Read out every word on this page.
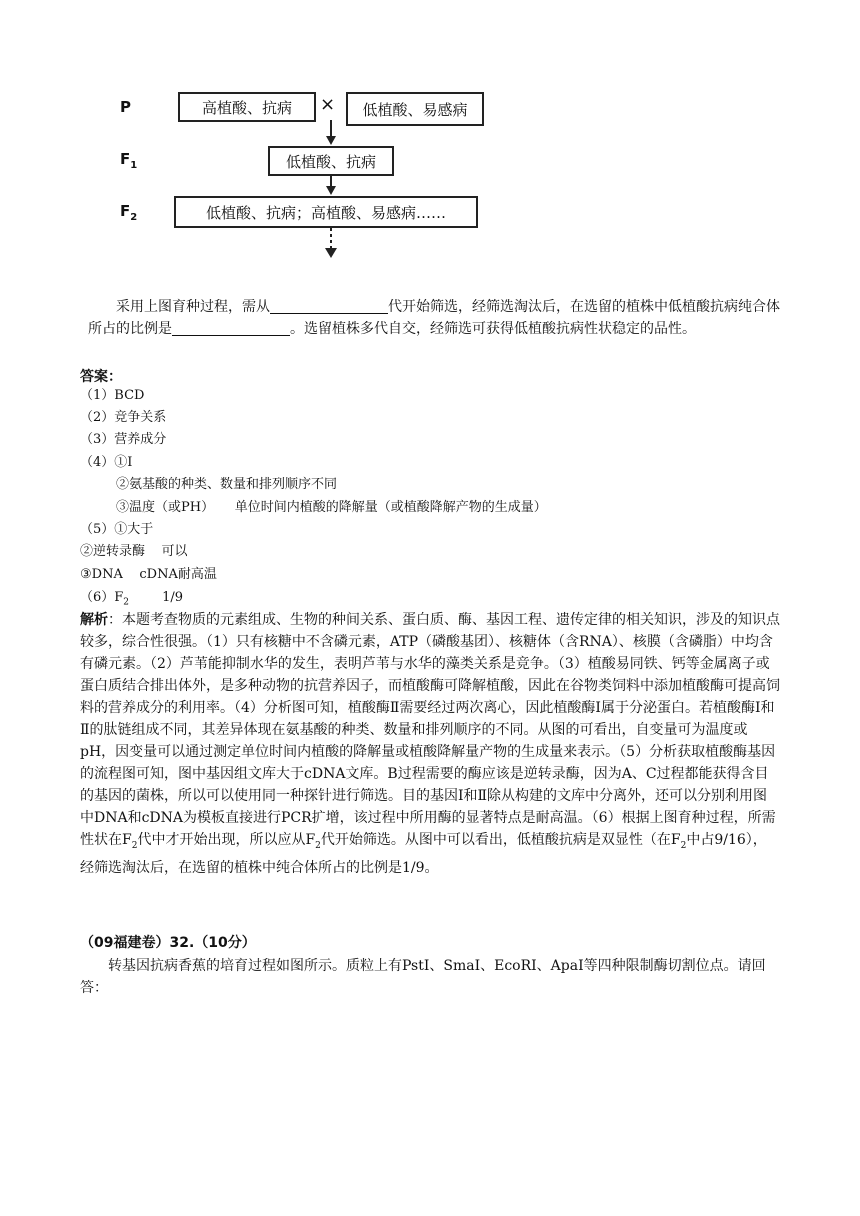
P
$F_1$
$F_2$
高植酸、抗病 × 低植酸、易感病
低植酸、抗病
低植酸、抗病；高植酸、易感病……
采用上图育种过程，需从	代开始筛选，经筛选淘汰后，在选留的植株中低植酸抗病纯合体所占的比例是	。选留植株多代自交，经筛选可获得低植酸抗病性状稳定的品性。
答案：
（1）BCD
（2）竞争关系
（3）营养成分
（4）①I
②氨基酸的种类、数量和排列顺序不同
③温度（或PH）     单位时间内植酸的降解量（或植酸降解产物的生成量）
（5）①大于
②逆转录酶    可以
③DNA    cDNA耐高温
$(6)F_2$	1/9
解析：本题考查物质的元素组成、生物的种间关系、蛋白质、酶、基因工程、遗传定律的相关知识，涉及的知识点较多，综合性很强。（1）只有核糖中不含磷元素，ATP（磷酸基团）、核糖体（含RNA）、核膜（含磷脂）中均含有磷元素。（2）芦苇能抑制水华的发生，表明芦苇与水华的藻类关系是竞争。（3）植酸易同铁、钙等金属离子或蛋白质结合排出体外，是多种动物的抗营养因子，而植酸酶可降解植酸，因此在谷物类饲料中添加植酸酶可提高饲料的营养成分的利用率。（4）分析图可知，植酸酶Ⅱ需要经过两次离心，因此植酸酶Ⅰ属于分泌蛋白。若植酸酶Ⅰ和Ⅱ的肽链组成不同，其差异体现在氨基酸的种类、数量和排列顺序的不同。从图的可看出，自变量可为温度或pH，因变量可以通过测定单位时间内植酸的降解量或植酸降解量产物的生成量来表示。（5）分析获取植酸酶基因的流程图可知，图中基因组文库大于cDNA文库。B过程需要的酶应该是逆转录酶，因为A、C过程都能获得含目的基因的菌株，所以可以使用同一种探针进行筛选。目的基因Ⅰ和Ⅱ除从构建的文库中分离外，还可以分别利用图中DNA和cDNA为模板直接进行PCR扩增，该过程中所用酶的显著特点是耐高温。（6）根据上图育种过程，所需性状在$F_2$代中才开始出现，所以应从$F_2$代开始筛选。从图中可以看出，低植酸抗病是双显性（在$F_2$中占9/16），经筛选淘汰后，在选留的植株中纯合体所占的比例是1/9。
（09福建卷）32.（10分）
转基因抗病香蕉的培育过程如图所示。质粒上有PstⅠ、SmaⅠ、EcoRⅠ、ApaⅠ等四种限制酶切割位点。请回答：
